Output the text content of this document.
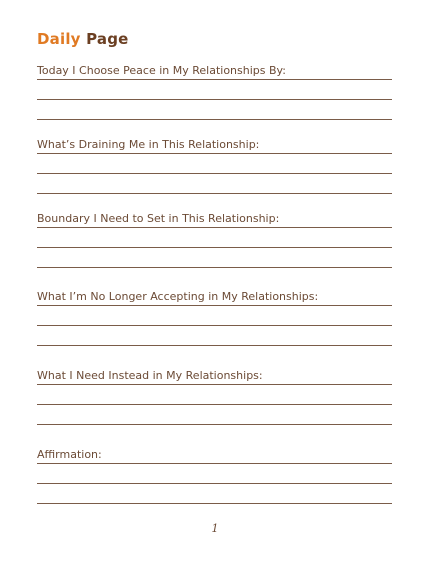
Daily Page
Today I Choose Peace in My Relationships By:
What’s Draining Me in This Relationship:
Boundary I Need to Set in This Relationship:
What I’m No Longer Accepting in My Relationships:
What I Need Instead in My Relationships:
Affirmation:
1
